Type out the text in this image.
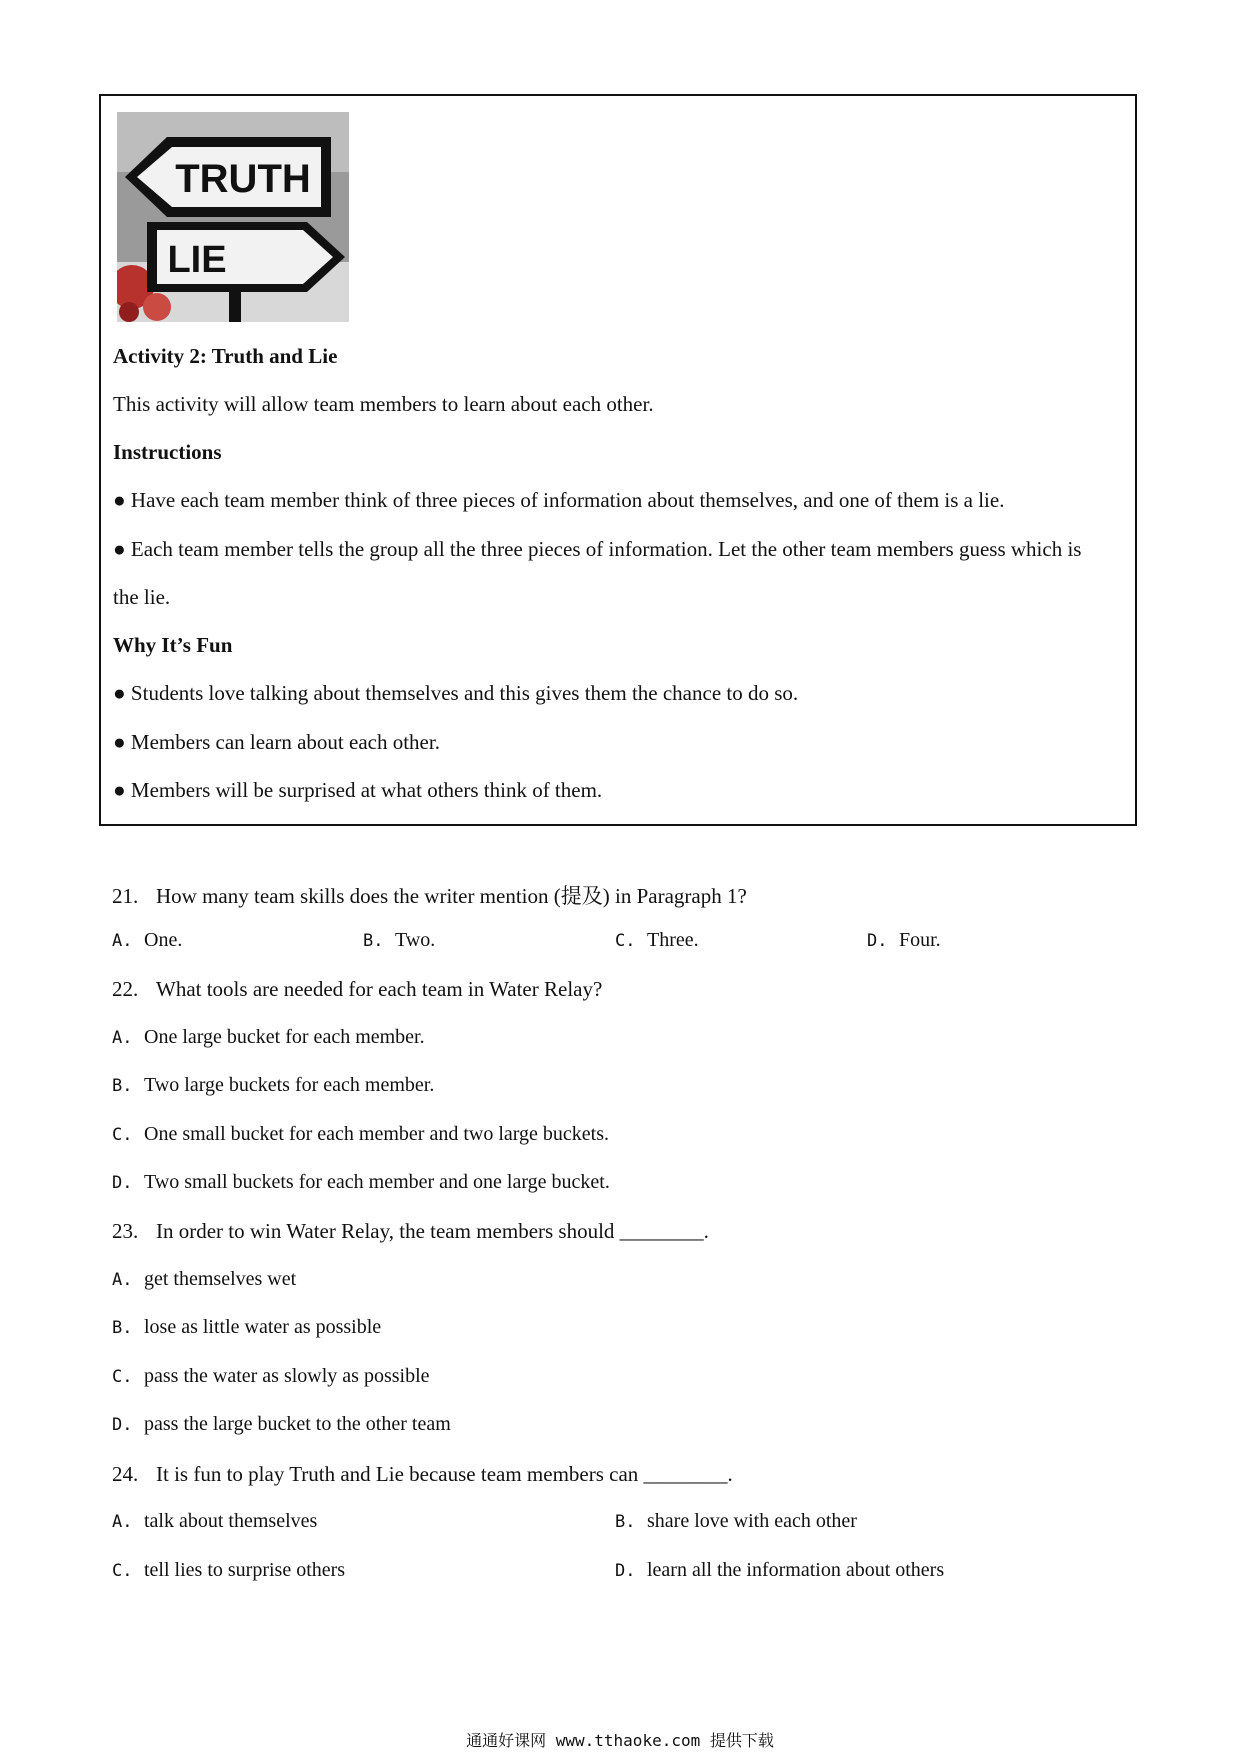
TRUTH
LIE
Activity 2: Truth and Lie
This activity will allow team members to learn about each other.
Instructions
● Have each team member think of three pieces of information about themselves, and one of them is a lie.
● Each team member tells the group all the three pieces of information. Let the other team members guess which is
the lie.
Why It’s Fun
● Students love talking about themselves and this gives them the chance to do so.
● Members can learn about each other.
● Members will be surprised at what others think of them.
21. How many team skills does the writer mention (提及) in Paragraph 1?
A. One.	B. Two.	C. Three.	D. Four.
22. What tools are needed for each team in Water Relay?
A. One large bucket for each member.
B. Two large buckets for each member.
C. One small bucket for each member and two large buckets.
D. Two small buckets for each member and one large bucket.
23. In order to win Water Relay, the team members should ________.
A. get themselves wet
B. lose as little water as possible
C. pass the water as slowly as possible
D. pass the large bucket to the other team
24. It is fun to play Truth and Lie because team members can ________.
A. talk about themselves	B. share love with each other
C. tell lies to surprise others	D. learn all the information about others
通通好课网 www.tthaoke.com 提供下载
